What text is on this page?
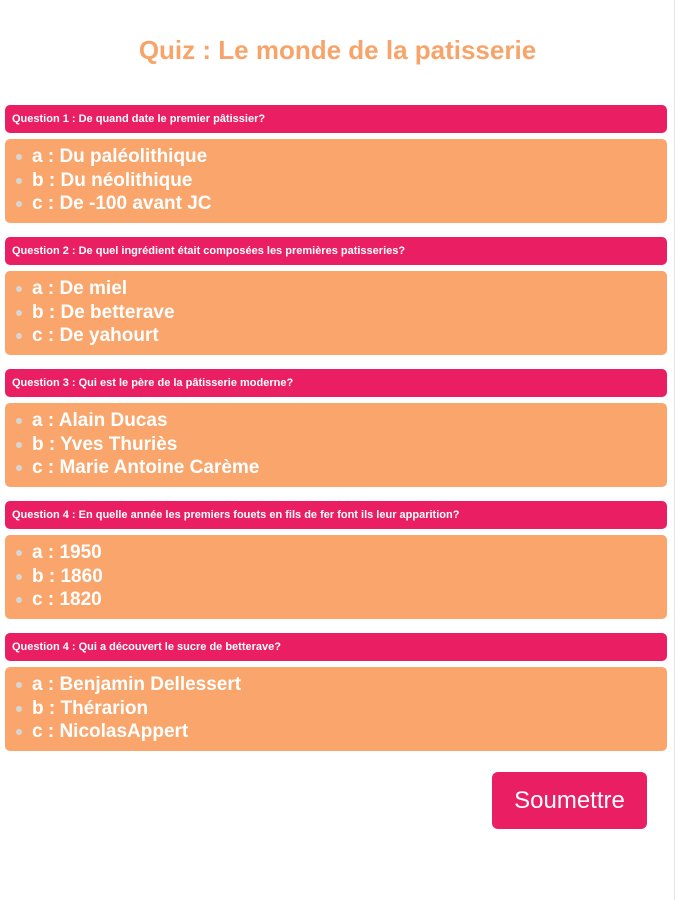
Quiz : Le monde de la patisserie
Question 1 : De quand date le premier pâtissier?
a : Du paléolithique
b : Du néolithique
c : De -100 avant JC
Question 2 : De quel ingrédient était composées les premières patisseries?
a : De miel
b : De betterave
c : De yahourt
Question 3 : Qui est le père de la pâtisserie moderne?
a : Alain Ducas
b : Yves Thuriès
c : Marie Antoine Carème
Question 4 : En quelle année les premiers fouets en fils de fer font ils leur apparition?
a : 1950
b : 1860
c : 1820
Question 4 : Qui a découvert le sucre de betterave?
a : Benjamin Dellessert
b : Thérarion
c : NicolasAppert
Soumettre
